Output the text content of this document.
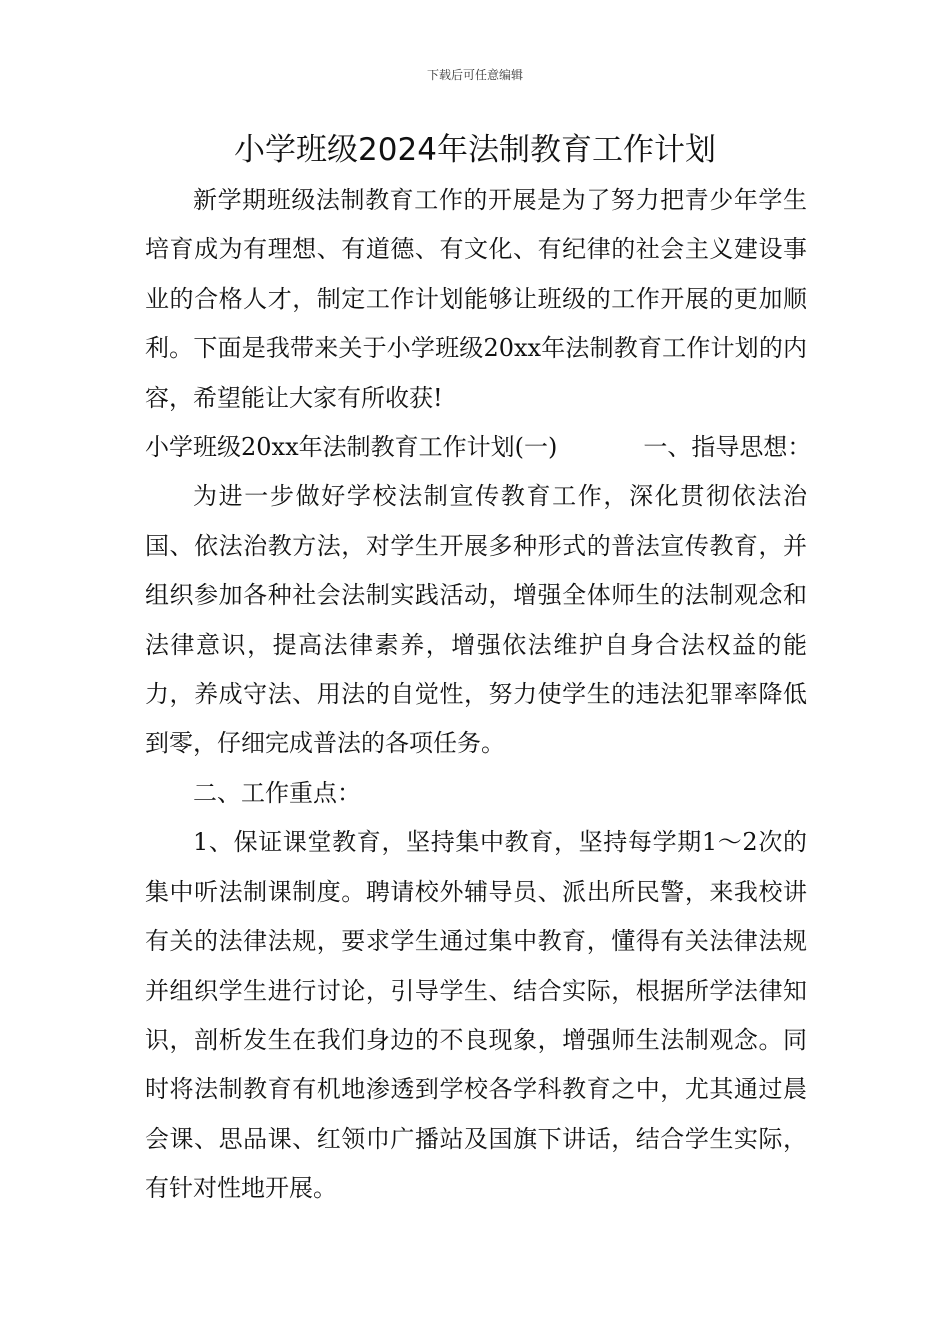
下载后可任意编辑
小学班级2024年法制教育工作计划

新学期班级法制教育工作的开展是为了努力把青少年学生培育成为有理想、有道德、有文化、有纪律的社会主义建设事业的合格人才，制定工作计划能够让班级的工作开展的更加顺利。下面是我带来关于小学班级20xx年法制教育工作计划的内容，希望能让大家有所收获!

小学班级20xx年法制教育工作计划(一)	一、指导思想：

为进一步做好学校法制宣传教育工作，深化贯彻依法治国、依法治教方法，对学生开展多种形式的普法宣传教育，并组织参加各种社会法制实践活动，增强全体师生的法制观念和法律意识，提高法律素养，增强依法维护自身合法权益的能力，养成守法、用法的自觉性，努力使学生的违法犯罪率降低到零，仔细完成普法的各项任务。

二、工作重点：

1、保证课堂教育，坚持集中教育，坚持每学期1～2次的集中听法制课制度。聘请校外辅导员、派出所民警，来我校讲有关的法律法规，要求学生通过集中教育，懂得有关法律法规并组织学生进行讨论，引导学生、结合实际，根据所学法律知识，剖析发生在我们身边的不良现象，增强师生法制观念。同时将法制教育有机地渗透到学校各学科教育之中，尤其通过晨会课、思品课、红领巾广播站及国旗下讲话，结合学生实际，有针对性地开展。
